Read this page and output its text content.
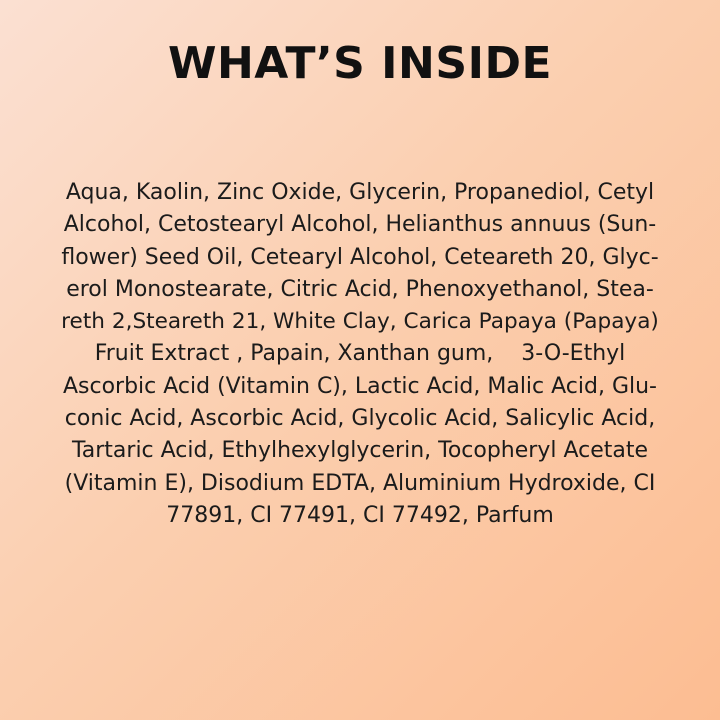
WHAT’S INSIDE

Aqua, Kaolin, Zinc Oxide, Glycerin, Propanediol, Cetyl
Alcohol, Cetostearyl Alcohol, Helianthus annuus (Sun-
flower) Seed Oil, Cetearyl Alcohol, Ceteareth 20, Glyc-
erol Monostearate, Citric Acid, Phenoxyethanol, Stea-
reth 2,Steareth 21, White Clay, Carica Papaya (Papaya)
Fruit Extract , Papain, Xanthan gum,    3-O-Ethyl
Ascorbic Acid (Vitamin C), Lactic Acid, Malic Acid, Glu-
conic Acid, Ascorbic Acid, Glycolic Acid, Salicylic Acid,
Tartaric Acid, Ethylhexylglycerin, Tocopheryl Acetate
(Vitamin E), Disodium EDTA, Aluminium Hydroxide, CI
77891, CI 77491, CI 77492, Parfum
